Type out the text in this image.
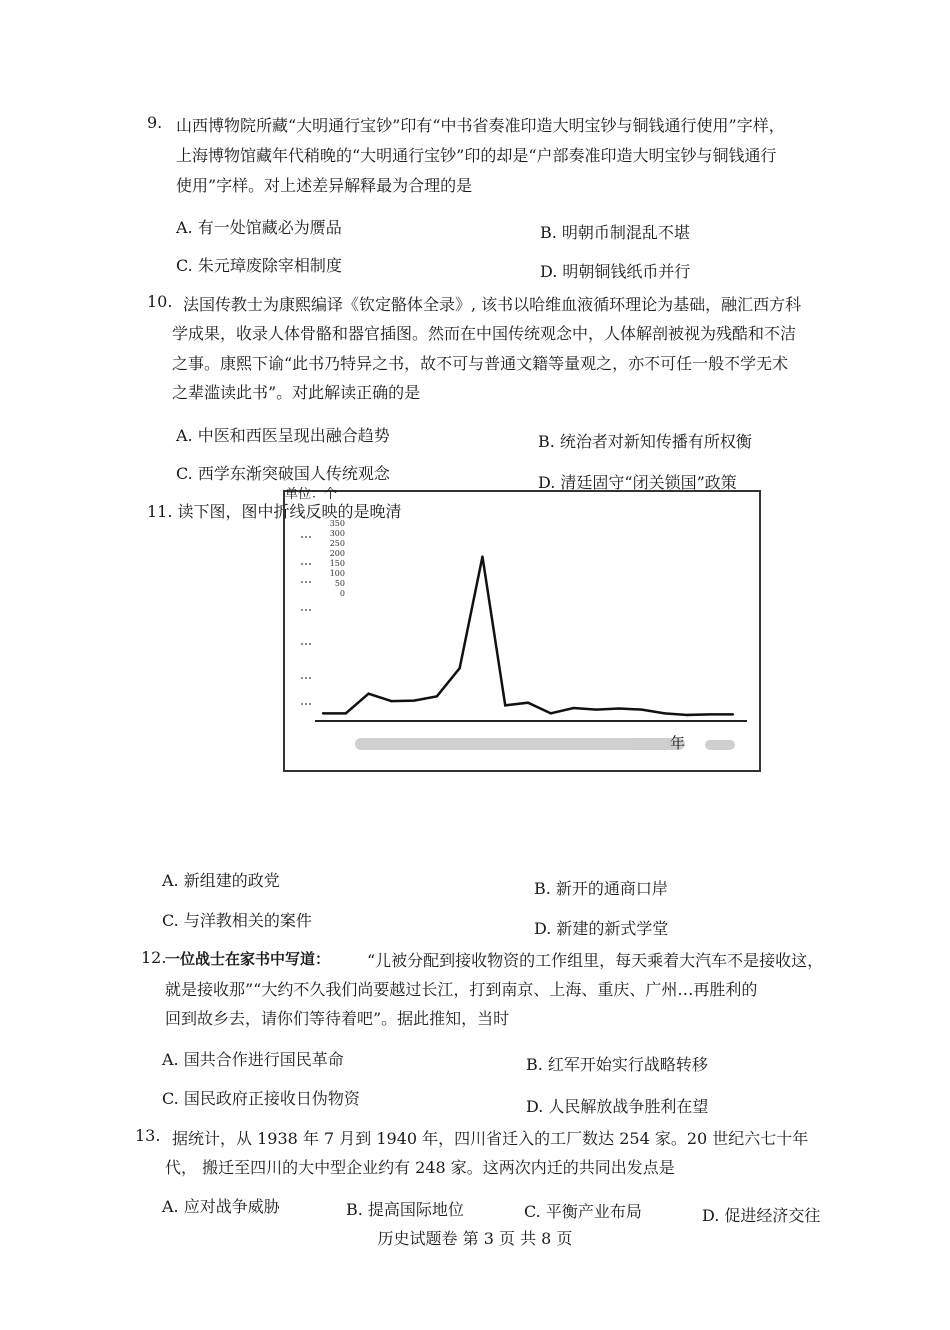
9. 山西博物院所藏“大明通行宝钞”印有“中书省奏准印造大明宝钞与铜钱通行使用”字样，
上海博物馆藏年代稍晚的“大明通行宝钞”印的却是“户部奏准印造大明宝钞与铜钱通行
使用”字样。对上述差异解释最为合理的是
A. 有一处馆藏必为赝品	B. 明朝币制混乱不堪
C. 朱元璋废除宰相制度	D. 明朝铜钱纸币并行
10. 法国传教士为康熙编译《钦定骼体全录》, 该书以哈维血液循环理论为基础，融汇西方科
学成果，收录人体骨骼和器官插图。然而在中国传统观念中，人体解剖被视为残酷和不洁
之事。康熙下谕“此书乃特异之书，故不可与普通文籍等量观之，亦不可任一般不学无术
之辈滥读此书”。对此解读正确的是
A. 中医和西医呈现出融合趋势	B. 统治者对新知传播有所权衡
C. 西学东渐突破国人传统观念	D. 清廷固守“闭关锁国”政策
11. 读下图，图中折线反映的是晚清
350
300
250
200
150
100
50
0
单位：个
年
A. 新组建的政党	B. 新开的通商口岸
C. 与洋教相关的案件	D. 新建的新式学堂
12.
一位战士在家书中写道： “儿被分配到接收物资的工作组里，每天乘着大汽车不是接收这，
就是接收那”“大约不久我们尚要越过长江，打到南京、上海、重庆、广州…再胜利的
回到故乡去，请你们等待着吧”。据此推知，当时
A. 国共合作进行国民革命	B. 红军开始实行战略转移
C. 国民政府正接收日伪物资	D. 人民解放战争胜利在望
13. 据统计，从 1938 年 7 月到 1940 年，四川省迁入的工厂数达 254 家。20 世纪六七十年
代， 搬迁至四川的大中型企业约有 248 家。这两次内迁的共同出发点是
A. 应对战争威胁	B. 提高国际地位	C. 平衡产业布局	D. 促进经济交往
历史试题卷 第 3 页 共 8 页
